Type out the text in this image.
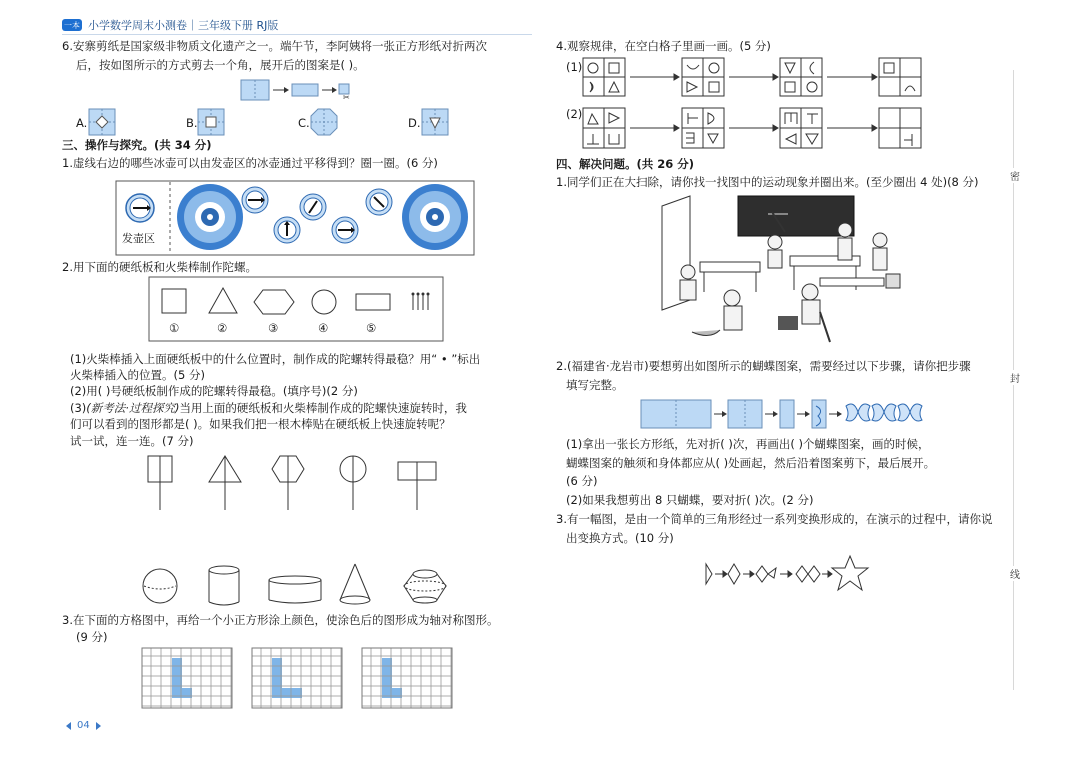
一本 小学数学周末小测卷｜三年级下册 RJ版
6.安寨剪纸是国家级非物质文化遗产之一。端午节，李阿姨将一张正方形纸对折两次
后，按如图所示的方式剪去一个角，展开后的图案是( )。
✂
A.	B.	C.	D.
三、操作与探究。(共 34 分)
1.虚线右边的哪些冰壶可以由发壶区的冰壶通过平移得到？圈一圈。(6 分)
发壶区
2.用下面的硬纸板和火柴棒制作陀螺。
①	②	③	④	⑤
(1)火柴棒插入上面硬纸板中的什么位置时，制作成的陀螺转得最稳？用“ • ”标出
火柴棒插入的位置。(5 分)
(2)用( )号硬纸板制作成的陀螺转得最稳。(填序号)(2 分)
(3)(新考法·过程探究)当用上面的硬纸板和火柴棒制作成的陀螺快速旋转时，我
们可以看到的图形都是( )。如果我们把一根木棒贴在硬纸板上快速旋转呢？
试一试，连一连。(7 分)
3.在下面的方格图中，再给一个小正方形涂上颜色，使涂色后的图形成为轴对称图形。
(9 分)
04
4.观察规律，在空白格子里画一画。(5 分)
(1)
(2)
四、解决问题。(共 26 分)
1.同学们正在大扫除，请你找一找图中的运动现象并圈出来。(至少圈出 4 处)(8 分)
2.(福建省·龙岩市)要想剪出如图所示的蝴蝶图案，需要经过以下步骤，请你把步骤
填写完整。
(1)拿出一张长方形纸，先对折( )次，再画出( )个蝴蝶图案，画的时候，
蝴蝶图案的触须和身体都应从( )处画起，然后沿着图案剪下，最后展开。
(6 分)
(2)如果我想剪出 8 只蝴蝶，要对折( )次。(2 分)
3.有一幅图，是由一个简单的三角形经过一系列变换形成的，在演示的过程中，请你说
出变换方式。(10 分)
密
封
线
